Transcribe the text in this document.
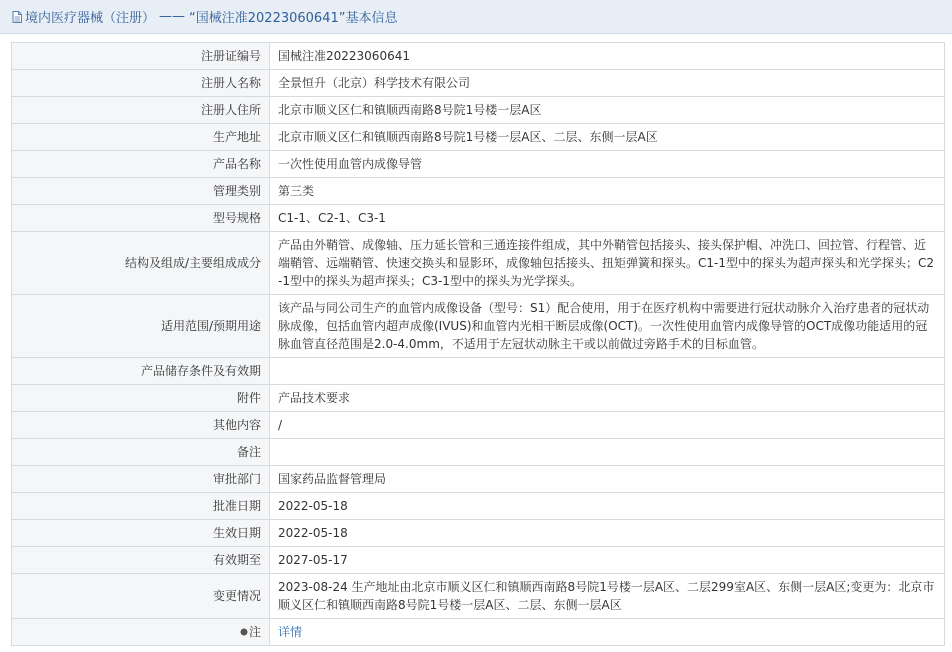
境内医疗器械（注册） —— “国械注准20223060641” 基本信息
注册证编号	国械注准20223060641
注册人名称	全景恒升（北京）科学技术有限公司
注册人住所	北京市顺义区仁和镇顺西南路8号院1号楼一层A区
生产地址	北京市顺义区仁和镇顺西南路8号院1号楼一层A区、二层、东侧一层A区
产品名称	一次性使用血管内成像导管
管理类别	第三类
型号规格	C1-1、C2-1、C3-1
结构及组成/主要组成成分	产品由外鞘管、成像轴、压力延长管和三通连接件组成，其中外鞘管包括接头、接头保护帽、冲洗口、回拉管、行程管、近端鞘管、远端鞘管、快速交换头和显影环，成像轴包括接头、扭矩弹簧和探头。C1-1型中的探头为超声探头和光学探头；C2-1型中的探头为超声探头；C3-1型中的探头为光学探头。
适用范围/预期用途	该产品与同公司生产的血管内成像设备（型号：S1）配合使用，用于在医疗机构中需要进行冠状动脉介入治疗患者的冠状动脉成像，包括血管内超声成像(IVUS)和血管内光相干断层成像(OCT)。一次性使用血管内成像导管的OCT成像功能适用的冠脉血管直径范围是2.0-4.0mm，不适用于左冠状动脉主干或以前做过旁路手术的目标血管。
产品储存条件及有效期	
附件	产品技术要求
其他内容	/
备注	
审批部门	国家药品监督管理局
批准日期	2022-05-18
生效日期	2022-05-18
有效期至	2027-05-17
变更情况	2023-08-24 生产地址由北京市顺义区仁和镇顺西南路8号院1号楼一层A区、二层299室A区、东侧一层A区;变更为：北京市顺义区仁和镇顺西南路8号院1号楼一层A区、二层、东侧一层A区
注	详情
